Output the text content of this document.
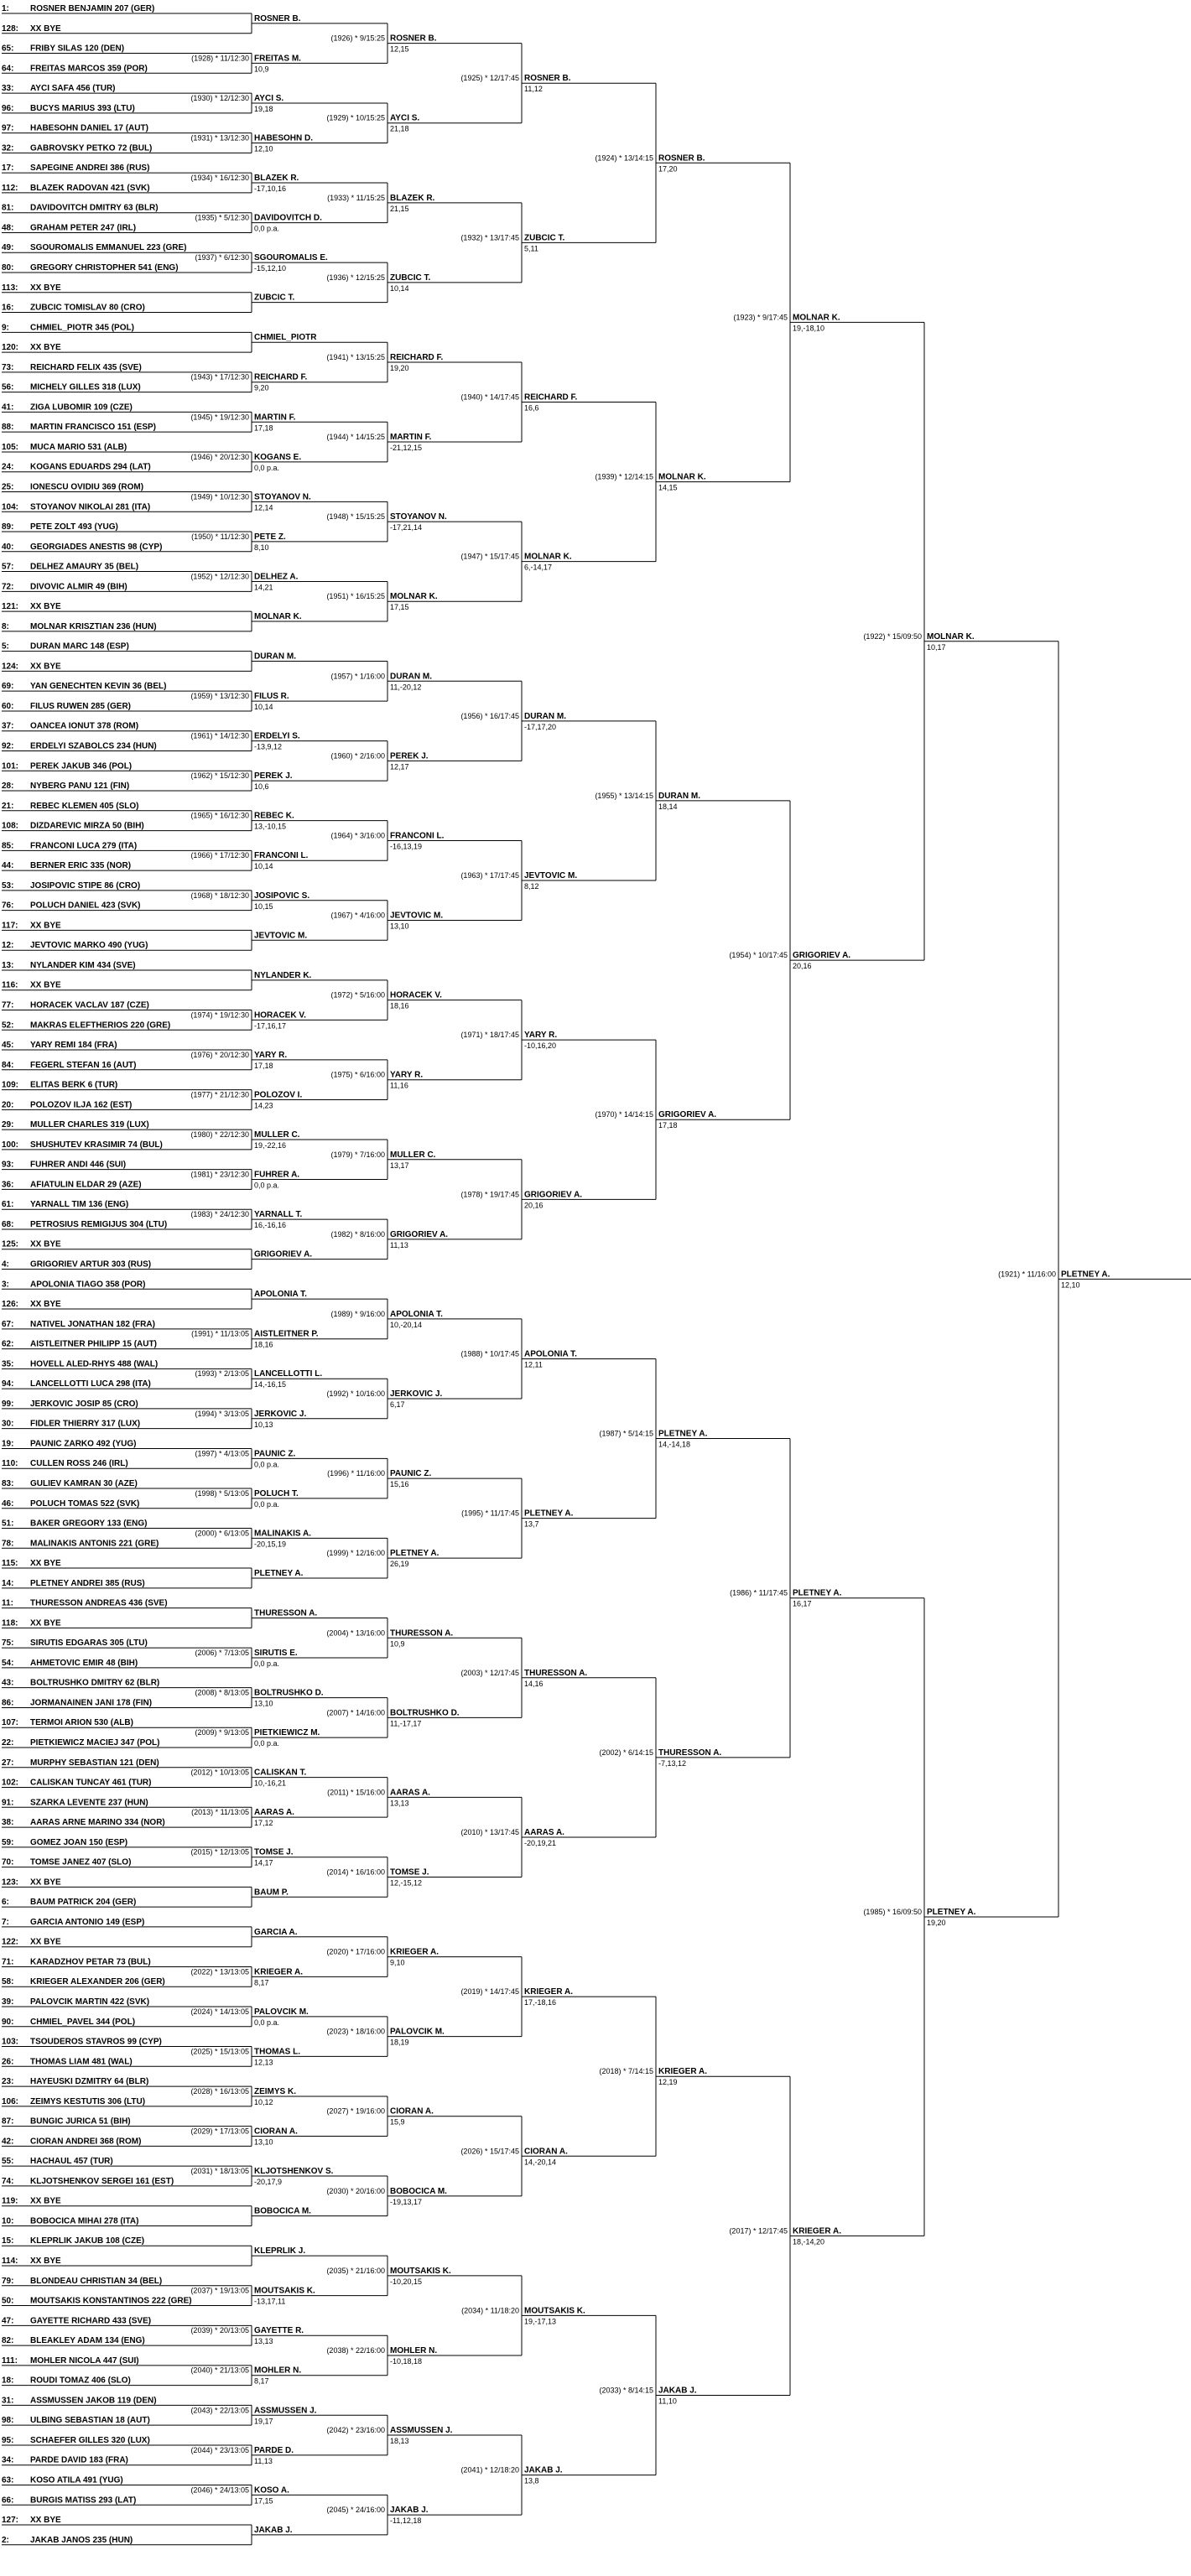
1:	ROSNER BENJAMIN 207 (GER)
128: XX BYE
65: FRIBY SILAS 120 (DEN)
64: FREITAS MARCOS 359 (POR)
33: AYCI SAFA 456 (TUR)
96: BUCYS MARIUS 393 (LTU)
97: HABESOHN DANIEL 17 (AUT)
32: GABROVSKY PETKO 72 (BUL)
17: SAPEGINE ANDREI 386 (RUS)
112: BLAZEK RADOVAN 421 (SVK)
81: DAVIDOVITCH DMITRY 63 (BLR)
48: GRAHAM PETER 247 (IRL)
49: SGOUROMALIS EMMANUEL 223 (GRE)
80: GREGORY CHRISTOPHER 541 (ENG)
113: XX BYE
16: ZUBCIC TOMISLAV 80 (CRO)
9:	CHMIEL_PIOTR 345 (POL)
120: XX BYE
73: REICHARD FELIX 435 (SVE)
56: MICHELY GILLES 318 (LUX)
41: ZIGA LUBOMIR 109 (CZE)
88: MARTIN FRANCISCO 151 (ESP)
105: MUCA MARIO 531 (ALB)
24: KOGANS EDUARDS 294 (LAT)
25: IONESCU OVIDIU 369 (ROM)
104: STOYANOV NIKOLAI 281 (ITA)
89: PETE ZOLT 493 (YUG)
40: GEORGIADES ANESTIS 98 (CYP)
57: DELHEZ AMAURY 35 (BEL)
72: DIVOVIC ALMIR 49 (BIH)
121: XX BYE
8:	MOLNAR KRISZTIAN 236 (HUN)
5:	DURAN MARC 148 (ESP)
124: XX BYE
69: YAN GENECHTEN KEVIN 36 (BEL)
60: FILUS RUWEN 285 (GER)
37: OANCEA IONUT 378 (ROM)
92: ERDELYI SZABOLCS 234 (HUN)
101: PEREK JAKUB 346 (POL)
28: NYBERG PANU 121 (FIN)
21: REBEC KLEMEN 405 (SLO)
108: DIZDAREVIC MIRZA 50 (BIH)
85: FRANCONI LUCA 279 (ITA)
44: BERNER ERIC 335 (NOR)
53: JOSIPOVIC STIPE 86 (CRO)
76: POLUCH DANIEL 423 (SVK)
117: XX BYE
12: JEVTOVIC MARKO 490 (YUG)
13: NYLANDER KIM 434 (SVE)
116: XX BYE
77: HORACEK VACLAV 187 (CZE)
52: MAKRAS ELEFTHERIOS 220 (GRE)
45: YARY REMI 184 (FRA)
84: FEGERL STEFAN 16 (AUT)
109: ELITAS BERK 6 (TUR)
20: POLOZOV ILJA 162 (EST)
29: MULLER CHARLES 319 (LUX)
100: SHUSHUTEV KRASIMIR 74 (BUL)
93: FUHRER ANDI 446 (SUI)
36: AFIATULIN ELDAR 29 (AZE)
61: YARNALL TIM 136 (ENG)
68: PETROSIUS REMIGIJUS 304 (LTU)
125: XX BYE
4:	GRIGORIEV ARTUR 303 (RUS)
3:	APOLONIA TIAGO 358 (POR)
126: XX BYE
67: NATIVEL JONATHAN 182 (FRA)
62: AISTLEITNER PHILIPP 15 (AUT)
35: HOVELL ALED-RHYS 488 (WAL)
94: LANCELLOTTI LUCA 298 (ITA)
99: JERKOVIC JOSIP 85 (CRO)
30: FIDLER THIERRY 317 (LUX)
19: PAUNIC ZARKO 492 (YUG)
110: CULLEN ROSS 246 (IRL)
83: GULIEV KAMRAN 30 (AZE)
46: POLUCH TOMAS 522 (SVK)
51: BAKER GREGORY 133 (ENG)
78: MALINAKIS ANTONIS 221 (GRE)
115: XX BYE
14: PLETNEY ANDREI 385 (RUS)
11: THURESSON ANDREAS 436 (SVE)
118: XX BYE
75: SIRUTIS EDGARAS 305 (LTU)
54: AHMETOVIC EMIR 48 (BIH)
43: BOLTRUSHKO DMITRY 62 (BLR)
86: JORMANAINEN JANI 178 (FIN)
107: TERMOI ARION 530 (ALB)
22: PIETKIEWICZ MACIEJ 347 (POL)
27: MURPHY SEBASTIAN 121 (DEN)
102: CALISKAN TUNCAY 461 (TUR)
91: SZARKA LEVENTE 237 (HUN)
38: AARAS ARNE MARINO 334 (NOR)
59: GOMEZ JOAN 150 (ESP)
70: TOMSE JANEZ 407 (SLO)
123: XX BYE
6:	BAUM PATRICK 204 (GER)
7:	GARCIA ANTONIO 149 (ESP)
122: XX BYE
71: KARADZHOV PETAR 73 (BUL)
58: KRIEGER ALEXANDER 206 (GER)
39: PALOVCIK MARTIN 422 (SVK)
90: CHMIEL_PAVEL 344 (POL)
103: TSOUDEROS STAVROS 99 (CYP)
26: THOMAS LIAM 481 (WAL)
23: HAYEUSKI DZMITRY 64 (BLR)
106: ZEIMYS KESTUTIS 306 (LTU)
87: BUNGIC JURICA 51 (BIH)
42: CIORAN ANDREI 368 (ROM)
55: HACHAUL 457 (TUR)
74: KLJOTSHENKOV SERGEI 161 (EST)
119: XX BYE
10: BOBOCICA MIHAI 278 (ITA)
15: KLEPRLIK JAKUB 108 (CZE)
114: XX BYE
79: BLONDEAU CHRISTIAN 34 (BEL)
50: MOUTSAKIS KONSTANTINOS 222 (GRE)
47: GAYETTE RICHARD 433 (SVE)
82: BLEAKLEY ADAM 134 (ENG)
111: MOHLER NICOLA 447 (SUI)
18: ROUDI TOMAZ 406 (SLO)
31: ASSMUSSEN JAKOB 119 (DEN)
98: ULBING SEBASTIAN 18 (AUT)
95: SCHAEFER GILLES 320 (LUX)
34: PARDE DAVID 183 (FRA)
63: KOSO ATILA 491 (YUG)
66: BURGIS MATISS 293 (LAT)
127: XX BYE
2:	JAKAB JANOS 235 (HUN)
ROSNER B.
(1928) * 11/12:30 FREITAS M.
10,9
(1930) * 12/12:30 AYCI S.
19,18
(1931) * 13/12:30 HABESOHN D.
12,10
(1934) * 16/12:30 BLAZEK R.
-17,10,16
(1935) * 5/12:30 DAVIDOVITCH D.
0,0 p.a.
(1937) * 6/12:30 SGOUROMALIS E.
-15,12,10
ZUBCIC T.
CHMIEL_PIOTR
(1943) * 17/12:30 REICHARD F.
9,20
(1945) * 19/12:30 MARTIN F.
17,18
(1946) * 20/12:30 KOGANS E.
0,0 p.a.
(1949) * 10/12:30 STOYANOV N.
12,14
(1950) * 11/12:30 PETE Z.
8,10
(1952) * 12/12:30 DELHEZ A.
14,21
MOLNAR K.
DURAN M.
(1959) * 13/12:30 FILUS R.
10,14
(1961) * 14/12:30 ERDELYI S.
-13,9,12
(1962) * 15/12:30 PEREK J.
10,6
(1965) * 16/12:30 REBEC K.
13,-10,15
(1966) * 17/12:30 FRANCONI L.
10,14
(1968) * 18/12:30 JOSIPOVIC S.
10,15
JEVTOVIC M.
NYLANDER K.
(1974) * 19/12:30 HORACEK V.
-17,16,17
(1976) * 20/12:30 YARY R.
17,18
(1977) * 21/12:30 POLOZOV I.
14,23
(1980) * 22/12:30 MULLER C.
19,-22,16
(1981) * 23/12:30 FUHRER A.
0,0 p.a.
(1983) * 24/12:30 YARNALL T.
16,-16,16
GRIGORIEV A.
APOLONIA T.
(1991) * 11/13:05 AISTLEITNER P.
18,16
(1993) * 2/13:05 LANCELLOTTI L.
14,-16,15
(1994) * 3/13:05 JERKOVIC J.
10,13
(1997) * 4/13:05 PAUNIC Z.
0,0 p.a.
(1998) * 5/13:05 POLUCH T.
0,0 p.a.
(2000) * 6/13:05 MALINAKIS A.
-20,15,19
PLETNEY A.
THURESSON A.
(2006) * 7/13:05 SIRUTIS E.
0,0 p.a.
(2008) * 8/13:05 BOLTRUSHKO D.
13,10
(2009) * 9/13:05 PIETKIEWICZ M.
0,0 p.a.
(2012) * 10/13:05 CALISKAN T.
10,-16,21
(2013) * 11/13:05 AARAS A.
17,12
(2015) * 12/13:05 TOMSE J.
14,17
BAUM P.
GARCIA A.
(2022) * 13/13:05 KRIEGER A.
8,17
(2024) * 14/13:05 PALOVCIK M.
0,0 p.a.
(2025) * 15/13:05 THOMAS L.
12,13
(2028) * 16/13:05 ZEIMYS K.
10,12
(2029) * 17/13:05 CIORAN A.
13,10
(2031) * 18/13:05 KLJOTSHENKOV S.
-20,17,9
BOBOCICA M.
KLEPRLIK J.
(2037) * 19/13:05 MOUTSAKIS K.
-13,17,11
(2039) * 20/13:05 GAYETTE R.
13,13
(2040) * 21/13:05 MOHLER N.
8,17
(2043) * 22/13:05 ASSMUSSEN J.
19,17
(2044) * 23/13:05 PARDE D.
11,13
(2046) * 24/13:05 KOSO A.
17,15
JAKAB J.
(1926) * 9/15:25 ROSNER B.
12,15
(1929) * 10/15:25 AYCI S.
21,18
(1933) * 11/15:25 BLAZEK R.
21,15
(1936) * 12/15:25 ZUBCIC T.
10,14
(1941) * 13/15:25 REICHARD F.
19,20
(1944) * 14/15:25 MARTIN F.
-21,12,15
(1948) * 15/15:25 STOYANOV N.
-17,21,14
(1951) * 16/15:25 MOLNAR K.
17,15
(1957) * 1/16:00 DURAN M.
11,-20,12
(1960) * 2/16:00 PEREK J.
12,17
(1964) * 3/16:00 FRANCONI L.
-16,13,19
(1967) * 4/16:00 JEVTOVIC M.
13,10
(1972) * 5/16:00 HORACEK V.
18,16
(1975) * 6/16:00 YARY R.
11,16
(1979) * 7/16:00 MULLER C.
13,17
(1982) * 8/16:00 GRIGORIEV A.
11,13
(1989) * 9/16:00 APOLONIA T.
10,-20,14
(1992) * 10/16:00 JERKOVIC J.
6,17
(1996) * 11/16:00 PAUNIC Z.
15,16
(1999) * 12/16:00 PLETNEY A.
26,19
(2004) * 13/16:00 THURESSON A.
10,9
(2007) * 14/16:00 BOLTRUSHKO D.
11,-17,17
(2011) * 15/16:00 AARAS A.
13,13
(2014) * 16/16:00 TOMSE J.
12,-15,12
(2020) * 17/16:00 KRIEGER A.
9,10
(2023) * 18/16:00 PALOVCIK M.
18,19
(2027) * 19/16:00 CIORAN A.
15,9
(2030) * 20/16:00 BOBOCICA M.
-19,13,17
(2035) * 21/16:00 MOUTSAKIS K.
-10,20,15
(2038) * 22/16:00 MOHLER N.
-10,18,18
(2042) * 23/16:00 ASSMUSSEN J.
18,13
(2045) * 24/16:00 JAKAB J.
-11,12,18
(1925) * 12/17:45 ROSNER B.
11,12
(1932) * 13/17:45 ZUBCIC T.
5,11
(1940) * 14/17:45 REICHARD F.
16,6
(1947) * 15/17:45 MOLNAR K.
6,-14,17
(1956) * 16/17:45 DURAN M.
-17,17,20
(1963) * 17/17:45 JEVTOVIC M.
8,12
(1971) * 18/17:45 YARY R.
-10,16,20
(1978) * 19/17:45 GRIGORIEV A.
20,16
(1988) * 10/17:45 APOLONIA T.
12,11
(1995) * 11/17:45 PLETNEY A.
13,7
(2003) * 12/17:45 THURESSON A.
14,16
(2010) * 13/17:45 AARAS A.
-20,19,21
(2019) * 14/17:45 KRIEGER A.
17,-18,16
(2026) * 15/17:45 CIORAN A.
14,-20,14
(2034) * 11/18:20 MOUTSAKIS K.
19,-17,13
(2041) * 12/18:20 JAKAB J.
13,8
(1924) * 13/14:15 ROSNER B.
17,20
(1939) * 12/14:15 MOLNAR K.
14,15
(1955) * 13/14:15 DURAN M.
18,14
(1970) * 14/14:15 GRIGORIEV A.
17,18
(1987) * 5/14:15 PLETNEY A.
14,-14,18
(2002) * 6/14:15 THURESSON A.
-7,13,12
(2018) * 7/14:15 KRIEGER A.
12,19
(2033) * 8/14:15 JAKAB J.
11,10
(1923) * 9/17:45 MOLNAR K.
19,-18,10
(1954) * 10/17:45 GRIGORIEV A.
20,16
(1986) * 11/17:45 PLETNEY A.
16,17
(2017) * 12/17:45 KRIEGER A.
18,-14,20
(1922) * 15/09:50 MOLNAR K.
10,17
(1985) * 16/09:50 PLETNEY A.
19,20
(1921) * 11/16:00 PLETNEY A.
12,10
